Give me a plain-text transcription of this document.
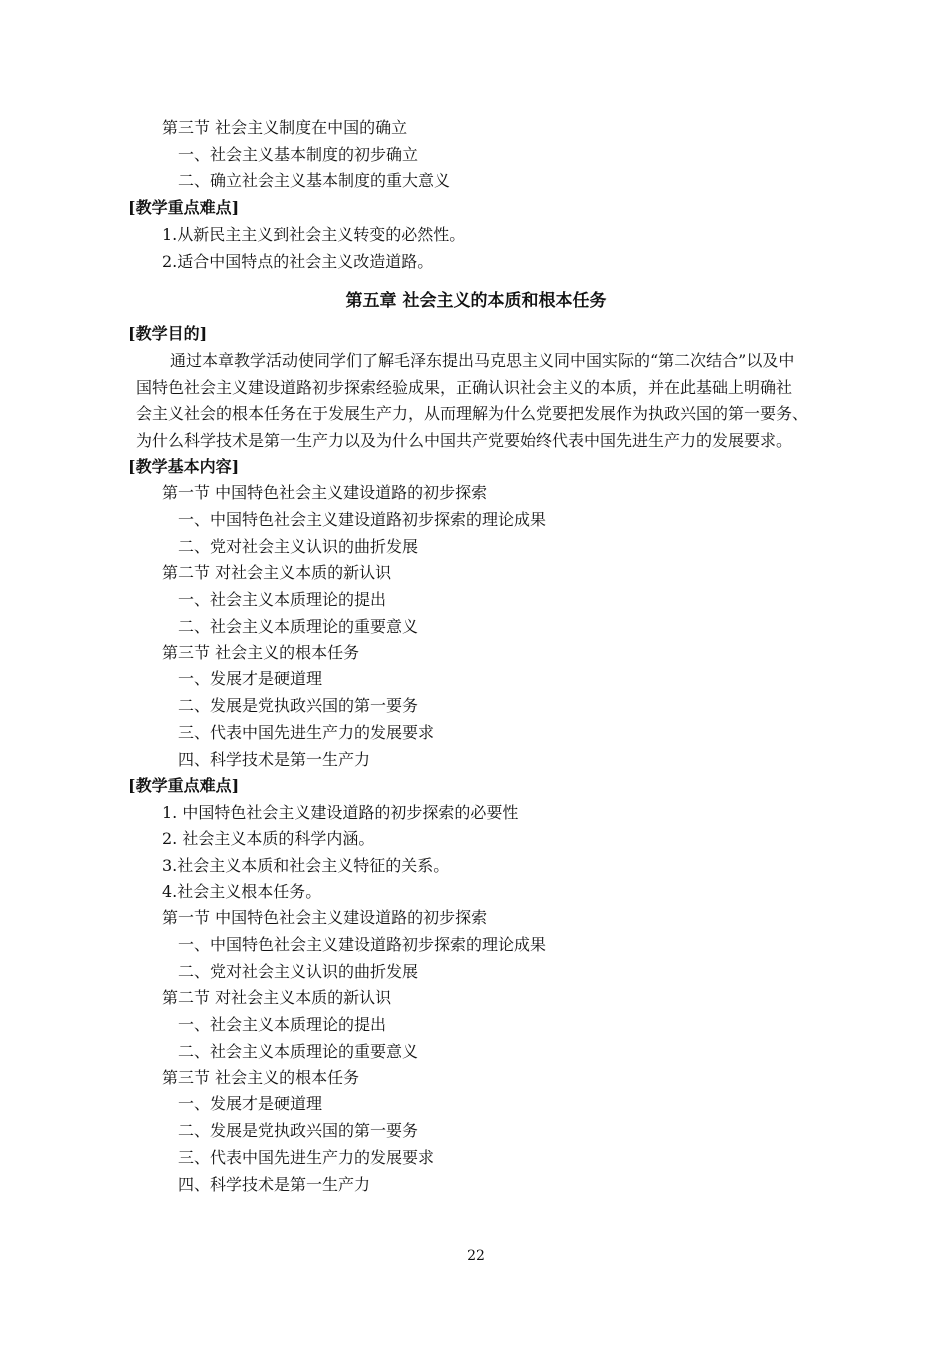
第三节 社会主义制度在中国的确立
一、社会主义基本制度的初步确立
二、确立社会主义基本制度的重大意义
[教学重点难点]
1.从新民主主义到社会主义转变的必然性。
2.适合中国特点的社会主义改造道路。
第五章 社会主义的本质和根本任务
[教学目的]
通过本章教学活动使同学们了解毛泽东提出马克思主义同中国实际的“第二次结合”以及中
国特色社会主义建设道路初步探索经验成果，正确认识社会主义的本质，并在此基础上明确社
会主义社会的根本任务在于发展生产力，从而理解为什么党要把发展作为执政兴国的第一要务、
为什么科学技术是第一生产力以及为什么中国共产党要始终代表中国先进生产力的发展要求。
[教学基本内容]
第一节 中国特色社会主义建设道路的初步探索
一、中国特色社会主义建设道路初步探索的理论成果
二、党对社会主义认识的曲折发展
第二节 对社会主义本质的新认识
一、社会主义本质理论的提出
二、社会主义本质理论的重要意义
第三节 社会主义的根本任务
一、发展才是硬道理
二、发展是党执政兴国的第一要务
三、代表中国先进生产力的发展要求
四、科学技术是第一生产力
[教学重点难点]
1. 中国特色社会主义建设道路的初步探索的必要性
2. 社会主义本质的科学内涵。
3.社会主义本质和社会主义特征的关系。
4.社会主义根本任务。
第一节 中国特色社会主义建设道路的初步探索
一、中国特色社会主义建设道路初步探索的理论成果
二、党对社会主义认识的曲折发展
第二节 对社会主义本质的新认识
一、社会主义本质理论的提出
二、社会主义本质理论的重要意义
第三节 社会主义的根本任务
一、发展才是硬道理
二、发展是党执政兴国的第一要务
三、代表中国先进生产力的发展要求
四、科学技术是第一生产力
22
